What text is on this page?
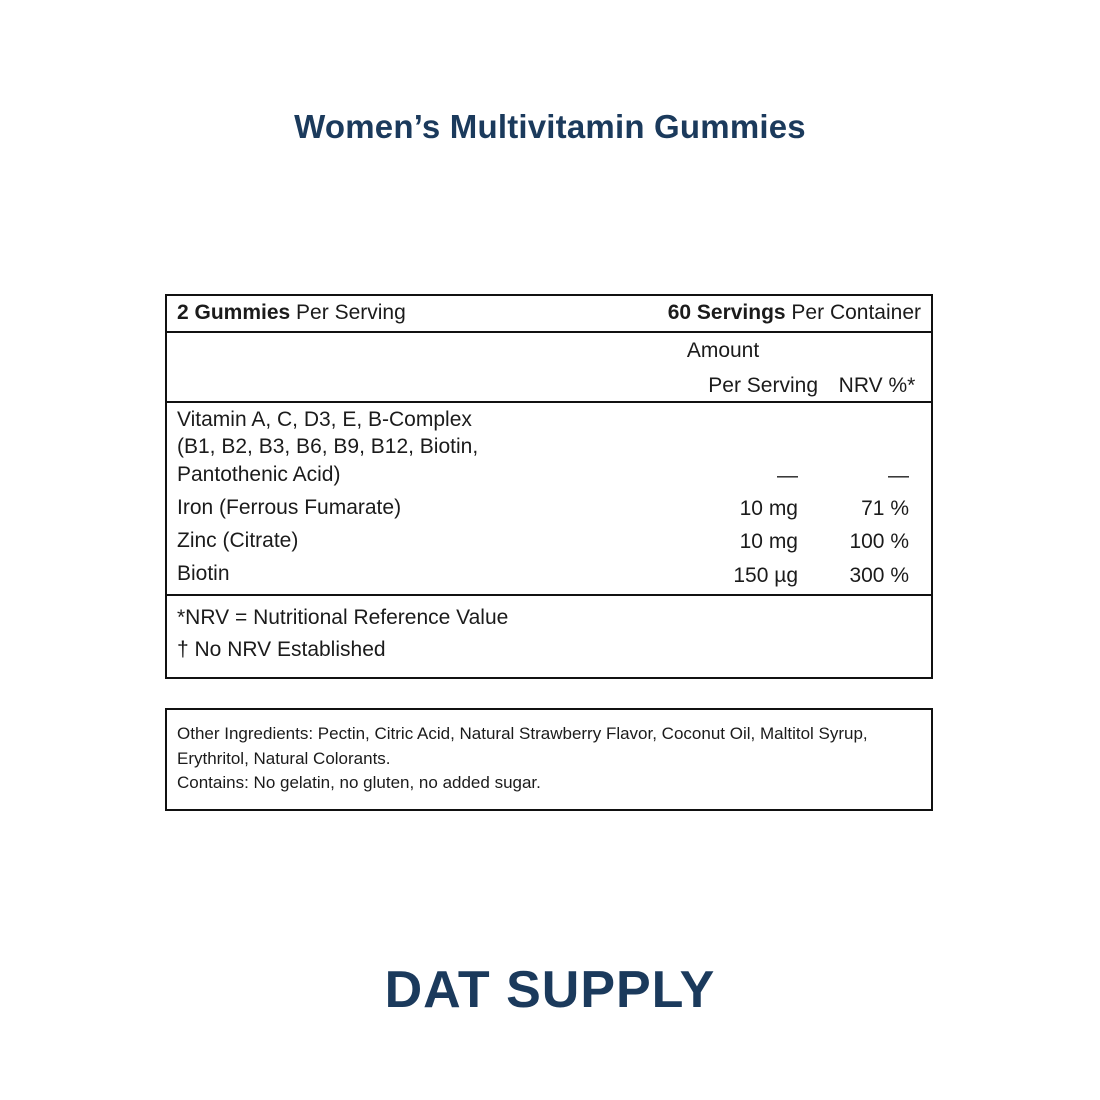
Women’s Multivitamin Gummies
2 Gummies Per Serving	60 Servings Per Container
Amount
Per Serving NRV %*
Vitamin A, C, D3, E, B-Complex
(B1, B2, B3, B6, B9, B12, Biotin,
Pantothenic Acid)	—	—
Iron (Ferrous Fumarate)	10 mg	71 %
Zinc (Citrate)	10 mg	100 %
Biotin	150 µg	300 %
*NRV = Nutritional Reference Value
† No NRV Established
Other Ingredients: Pectin, Citric Acid, Natural Strawberry Flavor, Coconut Oil, Maltitol Syrup, Erythritol, Natural Colorants.
Contains: No gelatin, no gluten, no added sugar.
DAT SUPPLY
